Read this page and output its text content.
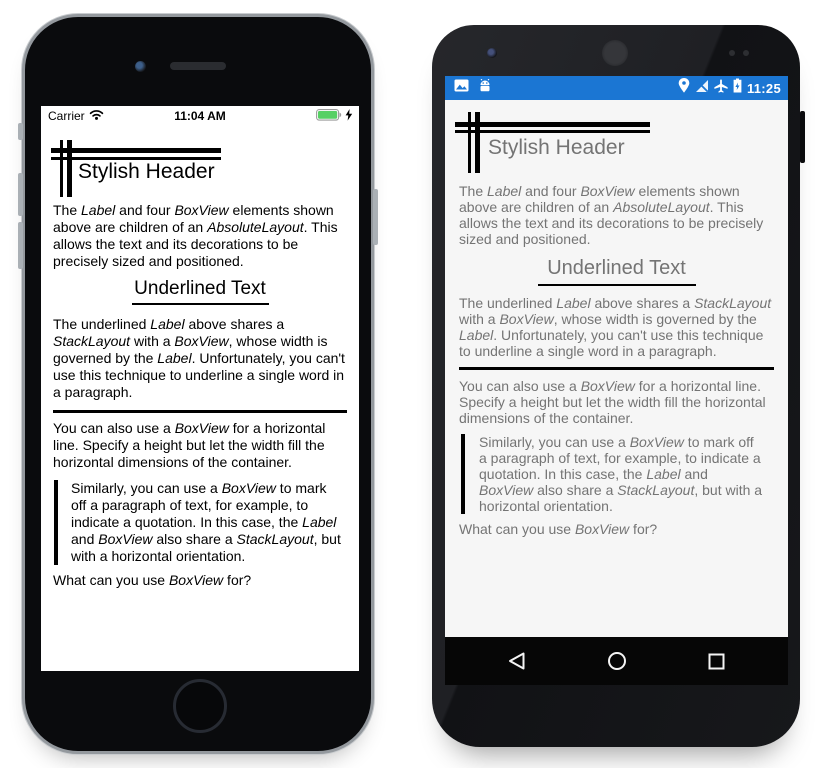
Carrier	11:04 AM
Stylish Header
The Label and four BoxView elements shown above are children of an AbsoluteLayout. This allows the text and its decorations to be precisely sized and positioned.
Underlined Text
The underlined Label above shares a StackLayout with a BoxView, whose width is governed by the Label. Unfortunately, you can't use this technique to underline a single word in a paragraph.
You can also use a BoxView for a horizontal line. Specify a height but let the width fill the horizontal dimensions of the container.
Similarly, you can use a BoxView to mark off a paragraph of text, for example, to indicate a quotation. In this case, the Label and BoxView also share a StackLayout, but with a horizontal orientation.
What can you use BoxView for?
11:25
Stylish Header
The Label and four BoxView elements shown above are children of an AbsoluteLayout. This allows the text and its decorations to be precisely sized and positioned.
Underlined Text
The underlined Label above shares a StackLayout with a BoxView, whose width is governed by the Label. Unfortunately, you can't use this technique to underline a single word in a paragraph.
You can also use a BoxView for a horizontal line. Specify a height but let the width fill the horizontal dimensions of the container.
Similarly, you can use a BoxView to mark off a paragraph of text, for example, to indicate a quotation. In this case, the Label and BoxView also share a StackLayout, but with a horizontal orientation.
What can you use BoxView for?
